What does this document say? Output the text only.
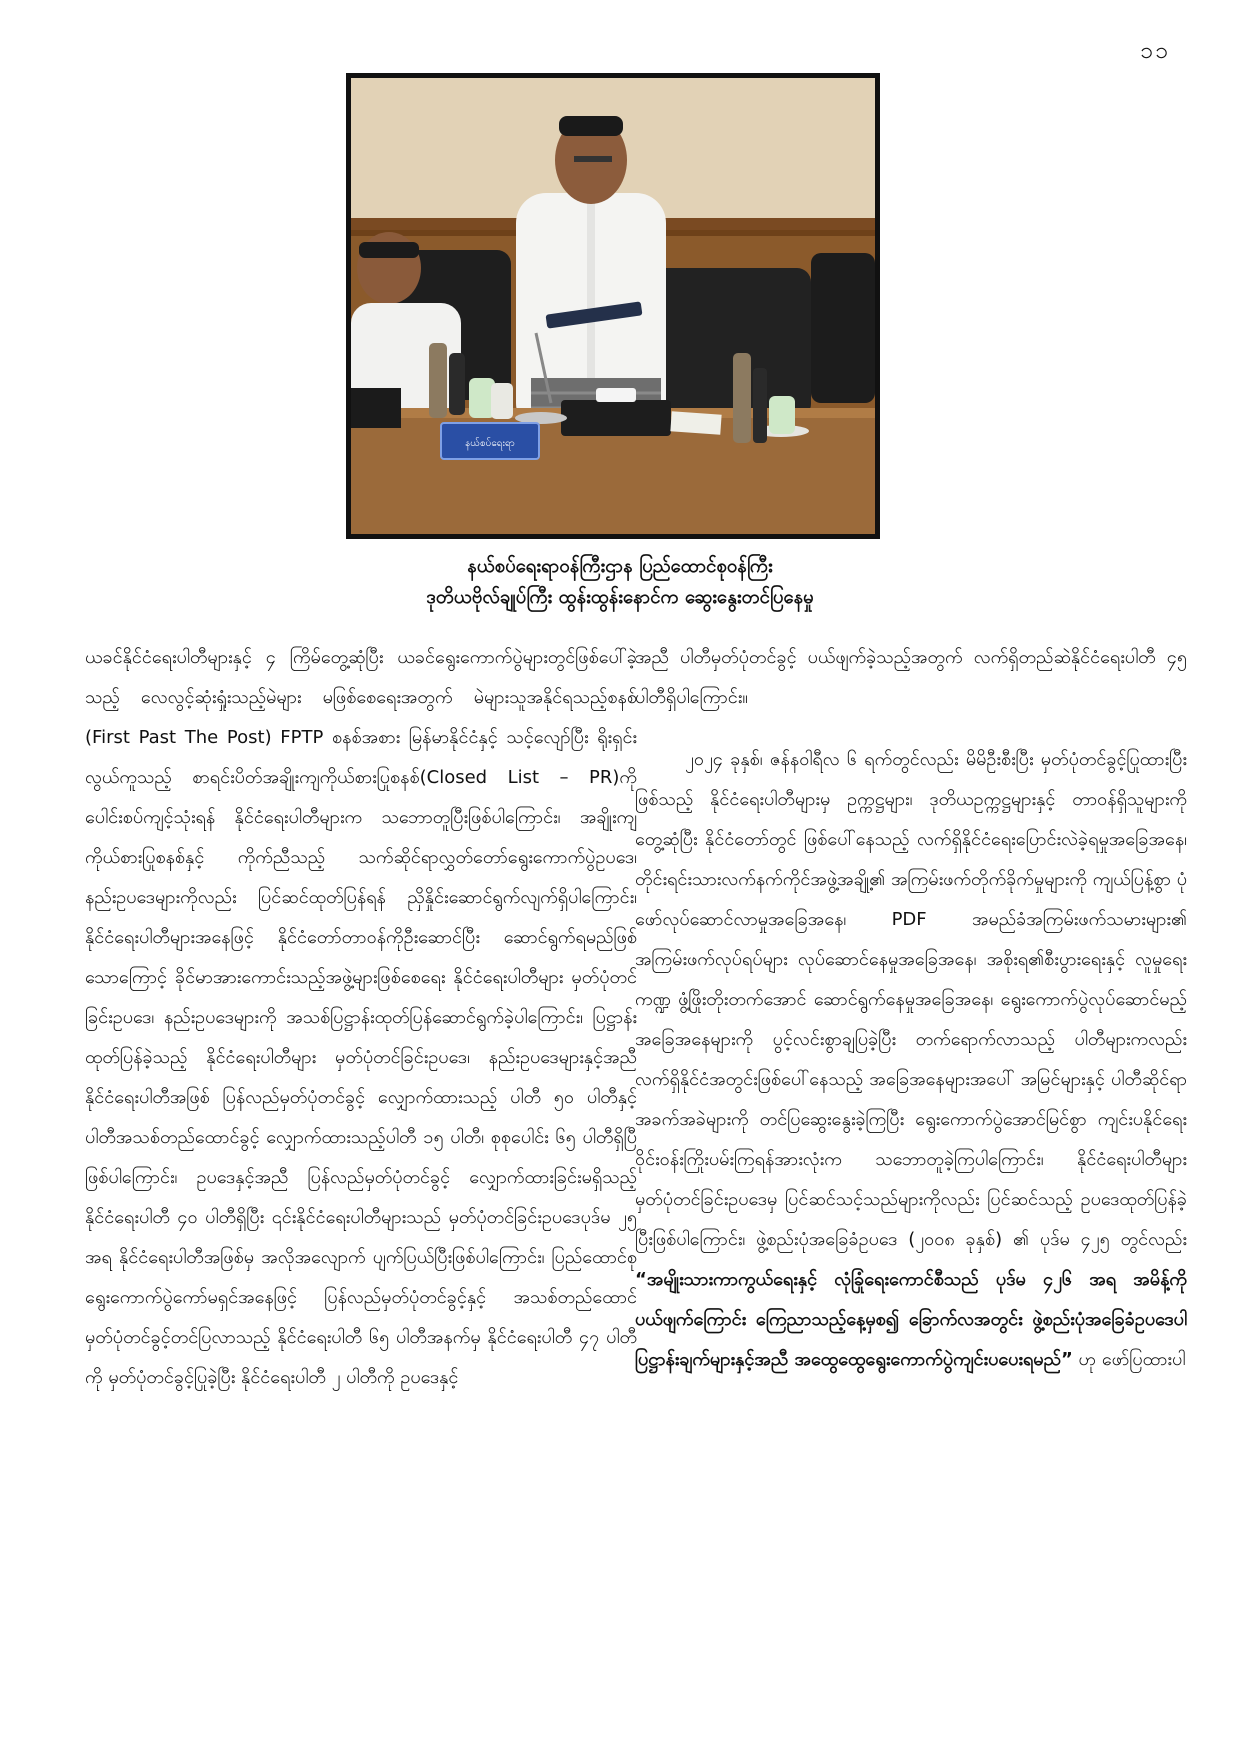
၁၁
နယ်စပ်ရေးရာ
နယ်စပ်ရေးရာဝန်ကြီးဌာန ပြည်ထောင်စုဝန်ကြီး
ဒုတိယဗိုလ်ချုပ်ကြီး ထွန်းထွန်းနောင်က ဆွေးနွေးတင်ပြနေမှု

ယခင်နိုင်ငံရေးပါတီများနှင့် ၄ ကြိမ်တွေ့ဆုံပြီး ယခင်ရွေးကောက်ပွဲများတွင်ဖြစ်ပေါ်ခဲ့သည့် လေလွင့်ဆုံးရှုံးသည့်မဲများ မဖြစ်စေရေးအတွက် မဲများသူအနိုင်ရသည့်စနစ် (First Past The Post) FPTP စနစ်အစား မြန်မာနိုင်ငံနှင့် သင့်လျော်ပြီး ရိုးရှင်းလွယ်ကူသည့် စာရင်းပိတ်အချိုးကျကိုယ်စားပြုစနစ်(Closed List – PR)ကို ပေါင်းစပ်ကျင့်သုံးရန် နိုင်ငံရေးပါတီများက သဘောတူပြီးဖြစ်ပါကြောင်း၊ အချိုးကျ ကိုယ်စားပြုစနစ်နှင့် ကိုက်ညီသည့် သက်ဆိုင်ရာလွှတ်တော်ရွေးကောက်ပွဲဥပဒေ၊ နည်းဥပဒေများကိုလည်း ပြင်ဆင်ထုတ်ပြန်ရန် ညှိနှိုင်းဆောင်ရွက်လျက်ရှိပါကြောင်း၊ နိုင်ငံရေးပါတီများအနေဖြင့် နိုင်ငံတော်တာဝန်ကိုဦးဆောင်ပြီး ဆောင်ရွက်ရမည်ဖြစ်သောကြောင့် ခိုင်မာအားကောင်းသည့်အဖွဲ့များဖြစ်စေရေး နိုင်ငံရေးပါတီများ မှတ်ပုံတင်ခြင်းဥပဒေ၊ နည်းဥပဒေများကို အသစ်ပြဋ္ဌာန်းထုတ်ပြန်ဆောင်ရွက်ခဲ့ပါကြောင်း၊ ပြဋ္ဌာန်းထုတ်ပြန်ခဲ့သည့် နိုင်ငံရေးပါတီများ မှတ်ပုံတင်ခြင်းဥပဒေ၊ နည်းဥပဒေများနှင့်အညီ နိုင်ငံရေးပါတီအဖြစ် ပြန်လည်မှတ်ပုံတင်ခွင့် လျှောက်ထားသည့် ပါတီ ၅၀ ပါတီနှင့် ပါတီအသစ်တည်ထောင်ခွင့် လျှောက်ထားသည့်ပါတီ ၁၅ ပါတီ၊ စုစုပေါင်း ၆၅ ပါတီရှိပြီဖြစ်ပါကြောင်း၊ ဥပဒေနှင့်အညီ ပြန်လည်မှတ်ပုံတင်ခွင့် လျှောက်ထားခြင်းမရှိသည့် နိုင်ငံရေးပါတီ ၄၀ ပါတီရှိပြီး ၎င်းနိုင်ငံရေးပါတီများသည် မှတ်ပုံတင်ခြင်းဥပဒေပုဒ်မ ၂၅ အရ နိုင်ငံရေးပါတီအဖြစ်မှ အလိုအလျောက် ပျက်ပြယ်ပြီးဖြစ်ပါကြောင်း၊ ပြည်ထောင်စုရွေးကောက်ပွဲကော်မရှင်အနေဖြင့် ပြန်လည်မှတ်ပုံတင်ခွင့်နှင့် အသစ်တည်ထောင် မှတ်ပုံတင်ခွင့်တင်ပြလာသည့် နိုင်ငံရေးပါတီ ၆၅ ပါတီအနက်မှ နိုင်ငံရေးပါတီ ၄၇ ပါတီကို မှတ်ပုံတင်ခွင့်ပြုခဲ့ပြီး နိုင်ငံရေးပါတီ ၂ ပါတီကို ဥပဒေနှင့်

အညီ ပါတီမှတ်ပုံတင်ခွင့် ပယ်ဖျက်ခဲ့သည့်အတွက် လက်ရှိတည်ဆဲနိုင်ငံရေးပါတီ ၄၅ ပါတီရှိပါကြောင်း။

၂၀၂၄ ခုနှစ်၊ ဇန်နဝါရီလ ၆ ရက်တွင်လည်း မိမိဦးစီးပြီး မှတ်ပုံတင်ခွင့်ပြုထားပြီးဖြစ်သည့် နိုင်ငံရေးပါတီများမှ ဥက္ကဋ္ဌများ၊ ဒုတိယဥက္ကဋ္ဌများနှင့် တာဝန်ရှိသူများကိုတွေ့ဆုံပြီး နိုင်ငံတော်တွင် ဖြစ်ပေါ်နေသည့် လက်ရှိနိုင်ငံရေးပြောင်းလဲခဲ့ရမှုအခြေအနေ၊ တိုင်းရင်းသားလက်နက်ကိုင်အဖွဲ့အချို့၏ အကြမ်းဖက်တိုက်ခိုက်မှုများကို ကျယ်ပြန့်စွာ ပုံဖော်လုပ်ဆောင်လာမှုအခြေအနေ၊ PDF အမည်ခံအကြမ်းဖက်သမားများ၏ အကြမ်းဖက်လုပ်ရပ်များ လုပ်ဆောင်နေမှုအခြေအနေ၊ အစိုးရ၏စီးပွားရေးနှင့် လူမှုရေးကဏ္ဍ ဖွံ့ဖြိုးတိုးတက်အောင် ဆောင်ရွက်နေမှုအခြေအနေ၊ ရွေးကောက်ပွဲလုပ်ဆောင်မည့်အခြေအနေများကို ပွင့်လင်းစွာချပြခဲ့ပြီး တက်ရောက်လာသည့် ပါတီများကလည်း လက်ရှိနိုင်ငံအတွင်းဖြစ်ပေါ်နေသည့် အခြေအနေများအပေါ် အမြင်များနှင့် ပါတီဆိုင်ရာအခက်အခဲများကို တင်ပြဆွေးနွေးခဲ့ကြပြီး ရွေးကောက်ပွဲအောင်မြင်စွာ ကျင်းပနိုင်ရေးဝိုင်းဝန်းကြိုးပမ်းကြရန်အားလုံးက သဘောတူခဲ့ကြပါကြောင်း၊ နိုင်ငံရေးပါတီများမှတ်ပုံတင်ခြင်းဥပဒေမှ ပြင်ဆင်သင့်သည်များကိုလည်း ပြင်ဆင်သည့် ဥပဒေထုတ်ပြန်ခဲ့ပြီးဖြစ်ပါကြောင်း၊ ဖွဲ့စည်းပုံအခြေခံဥပဒေ (၂၀၀၈ ခုနှစ်) ၏ ပုဒ်မ ၄၂၅ တွင်လည်း “အမျိုးသားကာကွယ်ရေးနှင့် လုံခြုံရေးကောင်စီသည် ပုဒ်မ ၄၂၆ အရ အမိန့်ကိုပယ်ဖျက်ကြောင်း ကြေညာသည့်နေ့မှစ၍ ခြောက်လအတွင်း ဖွဲ့စည်းပုံအခြေခံဥပဒေပါ ပြဋ္ဌာန်းချက်များနှင့်အညီ အထွေထွေရွေးကောက်ပွဲကျင်းပပေးရမည်” ဟု ဖော်ပြထားပါ
